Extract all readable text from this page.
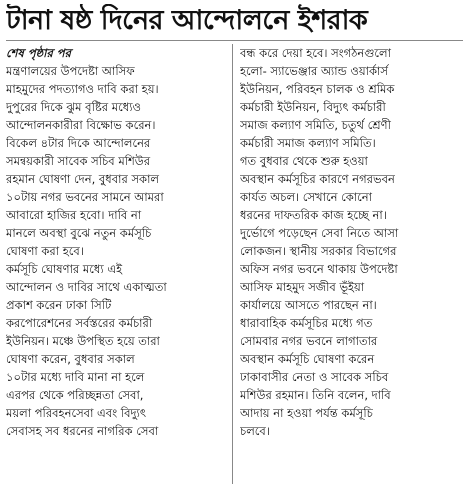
টানা ষষ্ঠ দিনের আন্দোলনে ইশরাক
শেষ পৃষ্ঠার পর
মন্ত্রণালয়ের উপদেষ্টা আসিফ
মাহমুদের পদত্যাগও দাবি করা হয়।
দুপুরের দিকে ঝুম বৃষ্টির মধ্যেও
আন্দোলনকারীরা বিক্ষোভ করেন।
বিকেল ৪টার দিকে আন্দোলনের
সমন্বয়কারী সাবেক সচিব মশিউর
রহমান ঘোষণা দেন, বুধবার সকাল
১০টায় নগর ভবনের সামনে আমরা
আবারো হাজির হবো। দাবি না
মানলে অবস্থা বুঝে নতুন কর্মসূচি
ঘোষণা করা হবে।
কর্মসূচি ঘোষণার মধ্যে এই
আন্দোলন ও দাবির সাথে একাত্মতা
প্রকাশ করেন ঢাকা সিটি
করপোরেশনের সর্বস্তরের কর্মচারী
ইউনিয়ন। মঞ্চে উপস্থিত হয়ে তারা
ঘোষণা করেন, বুধবার সকাল
১০টার মধ্যে দাবি মানা না হলে
এরপর থেকে পরিচ্ছন্নতা সেবা,
ময়লা পরিবহনসেবা এবং বিদ্যুৎ
সেবাসহ সব ধরনের নাগরিক সেবা
বন্ধ করে দেয়া হবে। সংগঠনগুলো
হলো- স্যাভেঞ্জার অ্যান্ড ওয়ার্কার্স
ইউনিয়ন, পরিবহন চালক ও শ্রমিক
কর্মচারী ইউনিয়ন, বিদ্যুৎ কর্মচারী
সমাজ কল্যাণ সমিতি, চতুর্থ শ্রেণী
কর্মচারী সমাজ কল্যাণ সমিতি।
গত বুধবার থেকে শুরু হওয়া
অবস্থান কর্মসূচির কারণে নগরভবন
কার্যত অচল। সেখানে কোনো
ধরনের দাফতরিক কাজ হচ্ছে না।
দুর্ভোগে পড়েছেন সেবা নিতে আসা
লোকজন। স্থানীয় সরকার বিভাগের
অফিস নগর ভবনে থাকায় উপদেষ্টা
আসিফ মাহমুদ সজীব ভূঁইয়া
কার্যালয়ে আসতে পারছেন না।
ধারাবাহিক কর্মসূচির মধ্যে গত
সোমবার নগর ভবনে লাগাতার
অবস্থান কর্মসূচি ঘোষণা করেন
ঢাকাবাসীর নেতা ও সাবেক সচিব
মশিউর রহমান। তিনি বলেন, দাবি
আদায় না হওয়া পর্যন্ত কর্মসূচি
চলবে।
